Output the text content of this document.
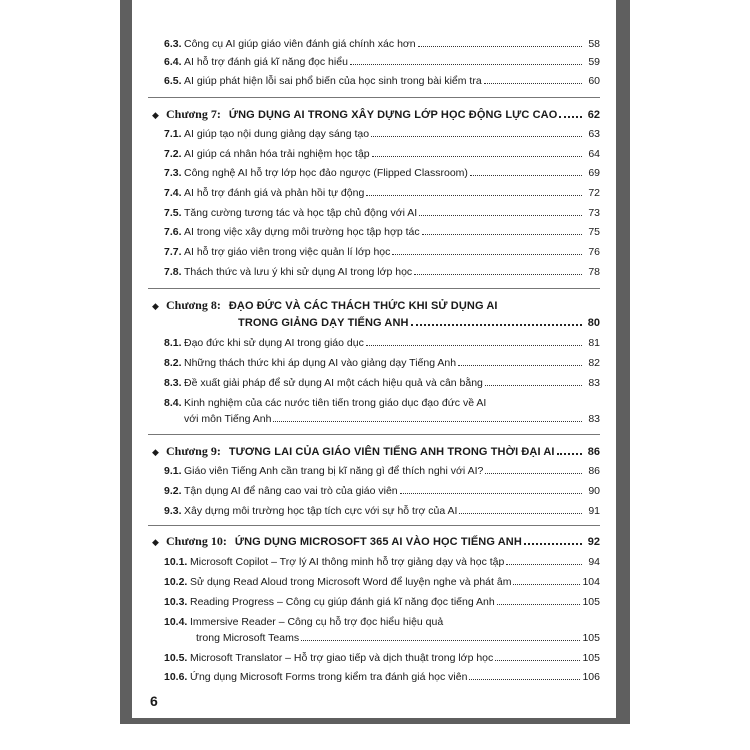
6.3. Công cụ AI giúp giáo viên đánh giá chính xác hơn	58
6.4. AI hỗ trợ đánh giá kĩ năng đọc hiểu	59
6.5. AI giúp phát hiện lỗi sai phổ biến của học sinh trong bài kiểm tra	60
◆ Chương 7: ỨNG DỤNG AI TRONG XÂY DỰNG LỚP HỌC ĐỘNG LỰC CAO	62
7.1. AI giúp tạo nội dung giảng dạy sáng tạo	63
7.2. AI giúp cá nhân hóa trải nghiệm học tập	64
7.3. Công nghệ AI hỗ trợ lớp học đảo ngược (Flipped Classroom)	69
7.4. AI hỗ trợ đánh giá và phản hồi tự động	72
7.5. Tăng cường tương tác và học tập chủ động với AI	73
7.6. AI trong việc xây dựng môi trường học tập hợp tác	75
7.7. AI hỗ trợ giáo viên trong việc quản lí lớp học	76
7.8. Thách thức và lưu ý khi sử dụng AI trong lớp học	78
◆ Chương 8: ĐẠO ĐỨC VÀ CÁC THÁCH THỨC KHI SỬ DỤNG AI
TRONG GIẢNG DẠY TIẾNG ANH	80
8.1. Đạo đức khi sử dụng AI trong giáo dục	81
8.2. Những thách thức khi áp dụng AI vào giảng dạy Tiếng Anh	82
8.3. Đề xuất giải pháp để sử dụng AI một cách hiệu quả và cân bằng	83
8.4. Kinh nghiệm của các nước tiên tiến trong giáo dục đạo đức về AI
với môn Tiếng Anh	83
◆ Chương 9: TƯƠNG LAI CỦA GIÁO VIÊN TIẾNG ANH TRONG THỜI ĐẠI AI	86
9.1. Giáo viên Tiếng Anh cần trang bị kĩ năng gì để thích nghi với AI?	86
9.2. Tận dụng AI để nâng cao vai trò của giáo viên	90
9.3. Xây dựng môi trường học tập tích cực với sự hỗ trợ của AI	91
◆ Chương 10: ỨNG DỤNG MICROSOFT 365 AI VÀO HỌC TIẾNG ANH	92
10.1. Microsoft Copilot – Trợ lý AI thông minh hỗ trợ giảng dạy và học tập	94
10.2. Sử dụng Read Aloud trong Microsoft Word để luyện nghe và phát âm	104
10.3. Reading Progress – Công cụ giúp đánh giá kĩ năng đọc tiếng Anh	105
10.4. Immersive Reader – Công cụ hỗ trợ đọc hiểu hiệu quả
trong Microsoft Teams	105
10.5. Microsoft Translator – Hỗ trợ giao tiếp và dịch thuật trong lớp học	105
10.6. Ứng dụng Microsoft Forms trong kiểm tra đánh giá học viên	106
6
